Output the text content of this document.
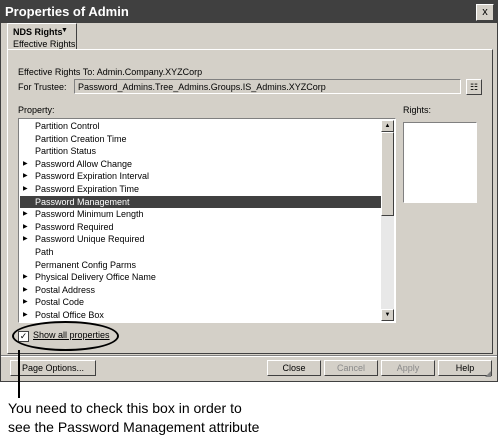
Properties of Admin	x
NDS Rights
▼
Effective Rights
Effective Rights To: Admin.Company.XYZCorp
For Trustee:	Password_Admins.Tree_Admins.Groups.IS_Admins.XYZCorp	☷
Property:	Rights:
Partition Control
Partition Creation Time
Partition Status
▶ Password Allow Change
▶ Password Expiration Interval
▶ Password Expiration Time
Password Management
▶ Password Minimum Length
▶ Password Required
▶ Password Unique Required
Path
Permanent Config Parms
▶ Physical Delivery Office Name
▶ Postal Address
▶ Postal Code
▶ Postal Office Box
▲
▼
✓ Show all properties
Page Options...	Close	Cancel	Apply	Help
◢
You need to check this box in order to
see the Password Management attribute
